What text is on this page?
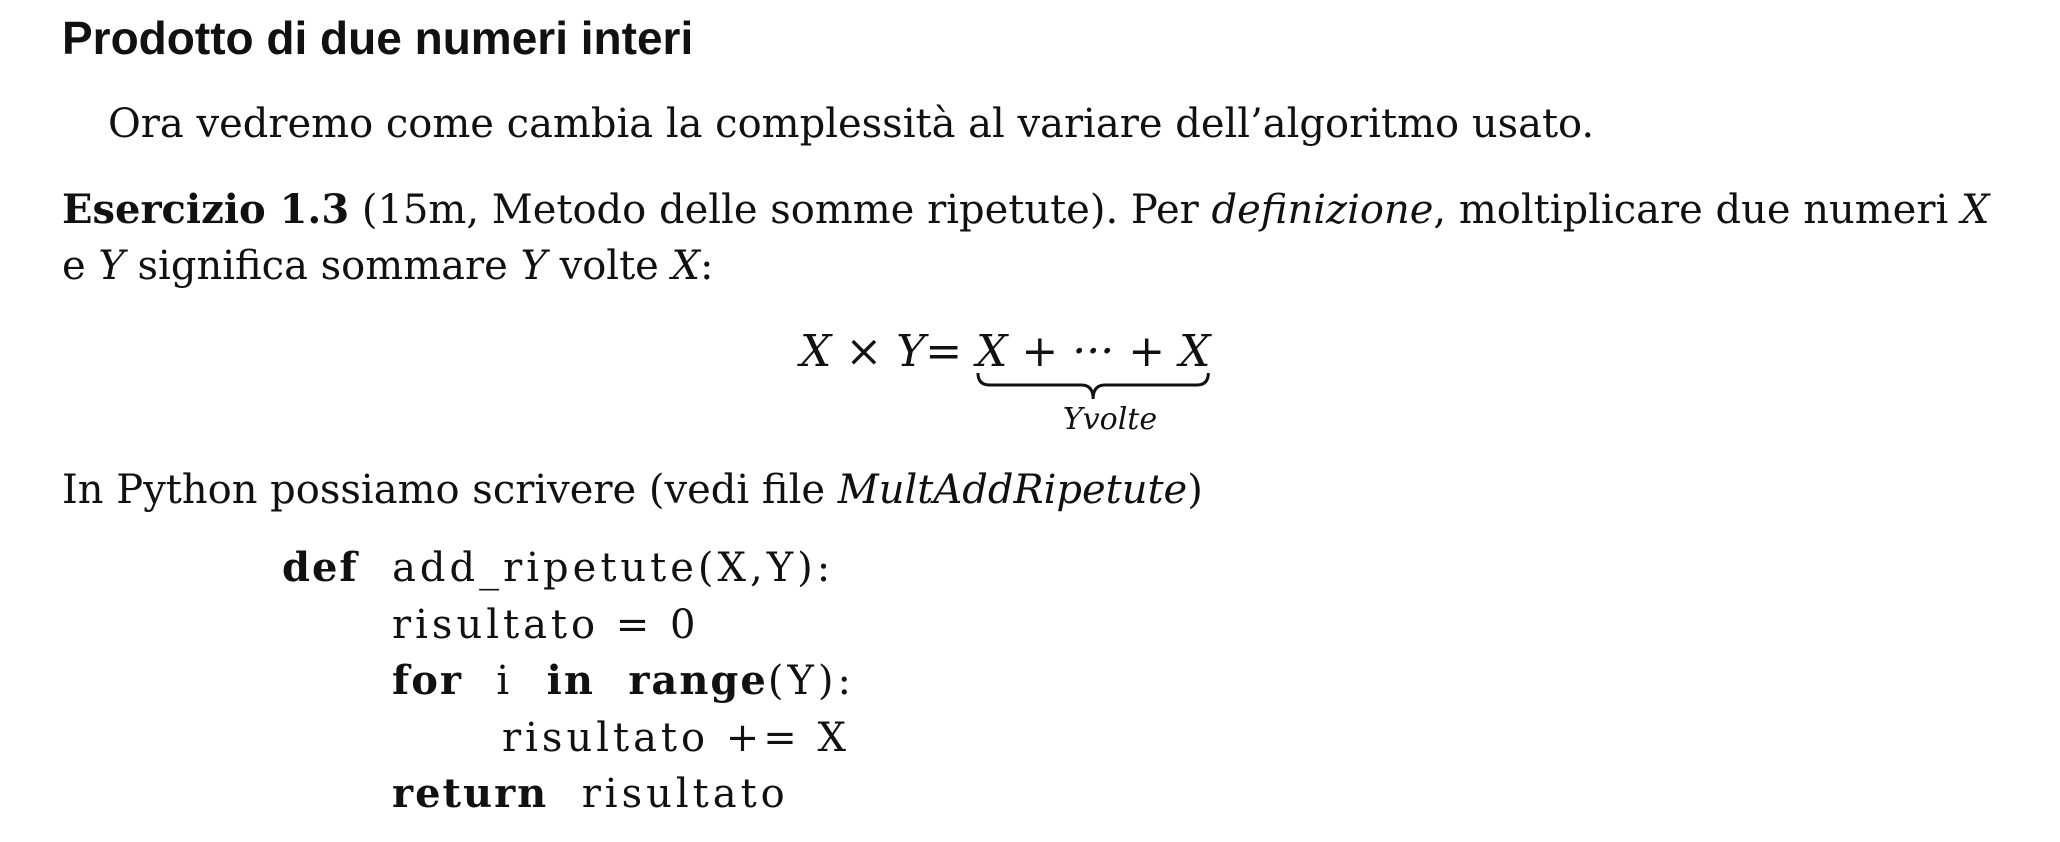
Prodotto di due numeri interi
Ora vedremo come cambia la complessità al variare dell’algoritmo usato.
Esercizio 1.3 (15m, Metodo delle somme ripetute). Per definizione, moltiplicare due numeri X
e Y significa sommare Y volte X:
X × Y= X + ··· + X
Yvolte
In Python possiamo scrivere (vedi file MultAddRipetute)
def add_ripetute(X,Y):
risultato = 0
for i in range(Y):
risultato += X
return risultato
